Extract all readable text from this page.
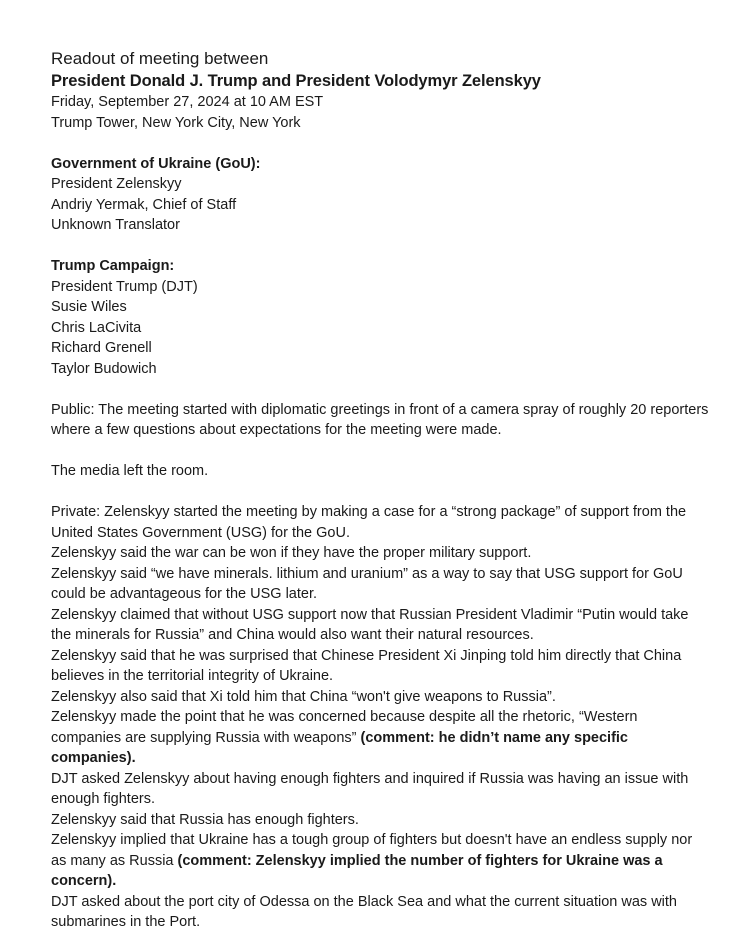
Readout of meeting between

President Donald J. Trump and President Volodymyr Zelenskyy

Friday, September 27, 2024 at 10 AM EST

Trump Tower, New York City, New York

Government of Ukraine (GoU):

President Zelenskyy

Andriy Yermak, Chief of Staff

Unknown Translator

Trump Campaign:

President Trump (DJT)

Susie Wiles

Chris LaCivita

Richard Grenell

Taylor Budowich

Public: The meeting started with diplomatic greetings in front of a camera spray of roughly 20 reporters where a few questions about expectations for the meeting were made.

The media left the room.

Private: Zelenskyy started the meeting by making a case for a “strong package” of support from the United States Government (USG) for the GoU.

Zelenskyy said the war can be won if they have the proper military support.

Zelenskyy said “we have minerals. lithium and uranium” as a way to say that USG support for GoU could be advantageous for the USG later.

Zelenskyy claimed that without USG support now that Russian President Vladimir “Putin would take the minerals for Russia” and China would also want their natural resources.

Zelenskyy said that he was surprised that Chinese President Xi Jinping told him directly that China believes in the territorial integrity of Ukraine.

Zelenskyy also said that Xi told him that China “won't give weapons to Russia”.

Zelenskyy made the point that he was concerned because despite all the rhetoric, “Western companies are supplying Russia with weapons” (comment: he didn’t name any specific companies).

DJT asked Zelenskyy about having enough fighters and inquired if Russia was having an issue with enough fighters.

Zelenskyy said that Russia has enough fighters.

Zelenskyy implied that Ukraine has a tough group of fighters but doesn't have an endless supply nor as many as Russia (comment: Zelenskyy implied the number of fighters for Ukraine was a concern).

DJT asked about the port city of Odessa on the Black Sea and what the current situation was with submarines in the Port.
